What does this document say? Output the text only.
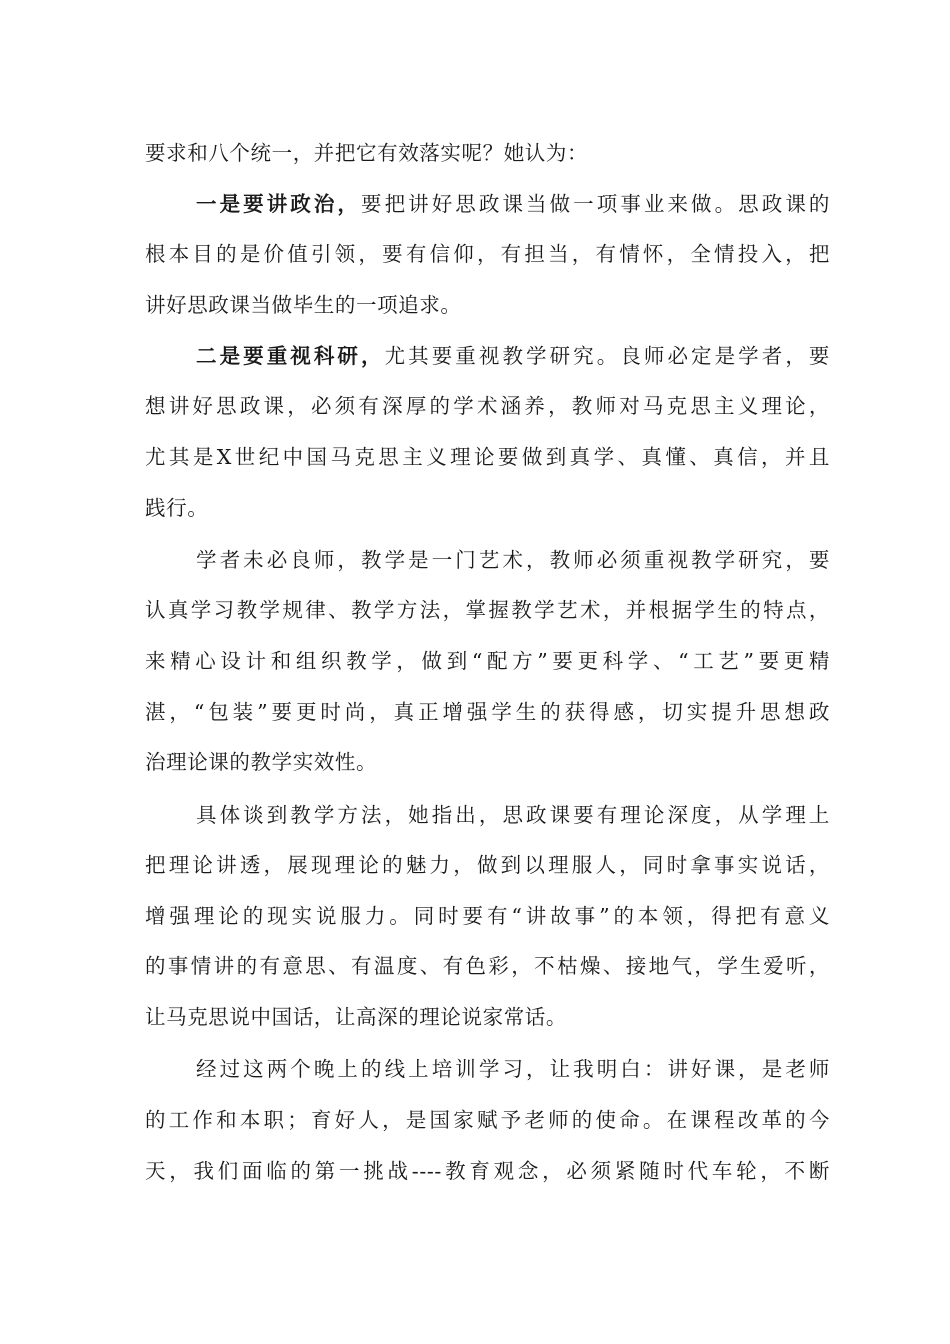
要求和八个统一，并把它有效落实呢？她认为：
一是要讲政治，要把讲好思政课当做一项事业来做。思政课的
根本目的是价值引领，要有信仰，有担当，有情怀，全情投入，把
讲好思政课当做毕生的一项追求。
二是要重视科研，尤其要重视教学研究。良师必定是学者，要
想讲好思政课，必须有深厚的学术涵养，教师对马克思主义理论，
尤其是X世纪中国马克思主义理论要做到真学、真懂、真信，并且
践行。
学者未必良师，教学是一门艺术，教师必须重视教学研究，要
认真学习教学规律、教学方法，掌握教学艺术，并根据学生的特点，
来精心设计和组织教学，做到“配方”要更科学、“工艺”要更精
湛，“包装”要更时尚，真正增强学生的获得感，切实提升思想政
治理论课的教学实效性。
具体谈到教学方法，她指出，思政课要有理论深度，从学理上
把理论讲透，展现理论的魅力，做到以理服人，同时拿事实说话，
增强理论的现实说服力。同时要有“讲故事”的本领，得把有意义
的事情讲的有意思、有温度、有色彩，不枯燥、接地气，学生爱听，
让马克思说中国话，让高深的理论说家常话。
经过这两个晚上的线上培训学习，让我明白：讲好课，是老师
的工作和本职；育好人，是国家赋予老师的使命。在课程改革的今
天，我们面临的第一挑战----教育观念，必须紧随时代车轮，不断
